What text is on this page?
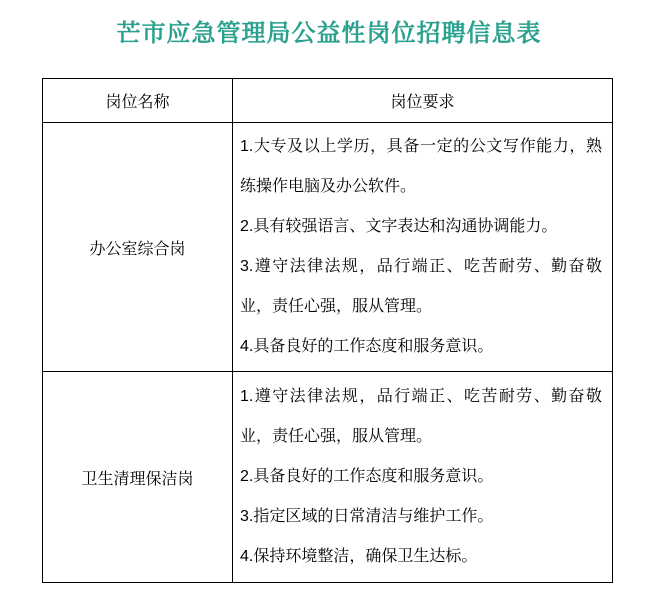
芒市应急管理局公益性岗位招聘信息表
岗位名称	岗位要求
办公室综合岗	1.大专及以上学历，具备一定的公文写作能力，熟练操作电脑及办公软件。

2.具有较强语言、文字表达和沟通协调能力。

3.遵守法律法规，品行端正、吃苦耐劳、勤奋敬业，责任心强，服从管理。

4.具备良好的工作态度和服务意识。

卫生清理保洁岗	1.遵守法律法规，品行端正、吃苦耐劳、勤奋敬业，责任心强，服从管理。

2.具备良好的工作态度和服务意识。

3.指定区域的日常清洁与维护工作。

4.保持环境整洁，确保卫生达标。
